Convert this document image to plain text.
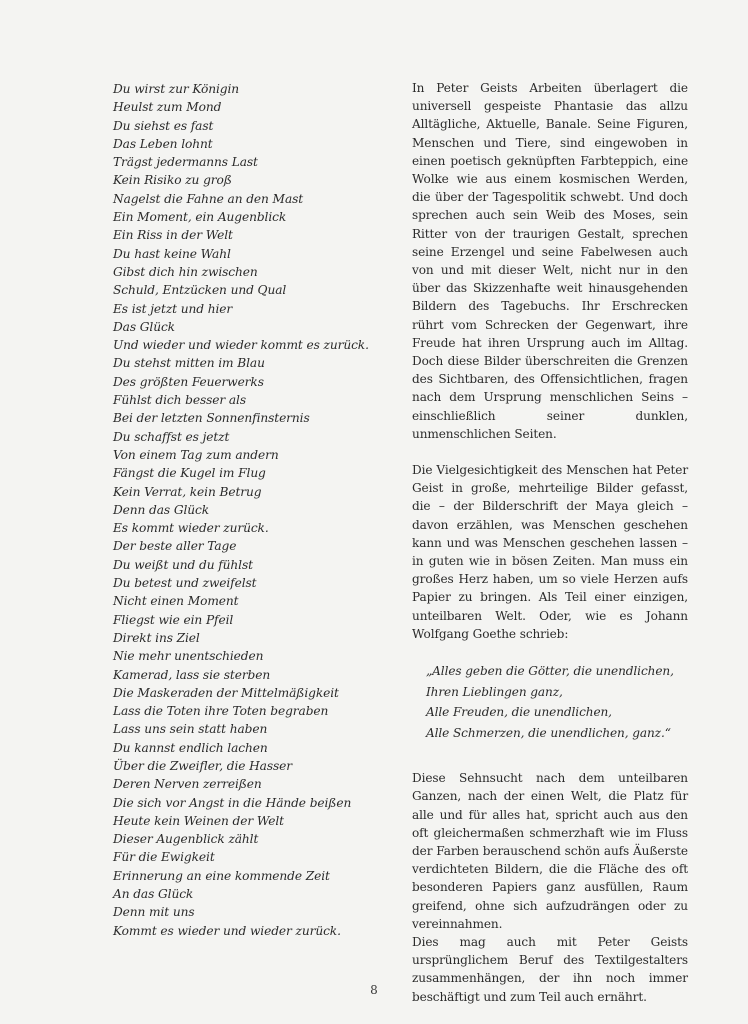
Du wirst zur Königin
Heulst zum Mond
Du siehst es fast
Das Leben lohnt
Trägst jedermanns Last
Kein Risiko zu groß
Nagelst die Fahne an den Mast
Ein Moment, ein Augenblick
Ein Riss in der Welt
Du hast keine Wahl
Gibst dich hin zwischen
Schuld, Entzücken und Qual
Es ist jetzt und hier
Das Glück
Und wieder und wieder kommt es zurück.
Du stehst mitten im Blau
Des größten Feuerwerks
Fühlst dich besser als
Bei der letzten Sonnenfinsternis
Du schaffst es jetzt
Von einem Tag zum andern
Fängst die Kugel im Flug
Kein Verrat, kein Betrug
Denn das Glück
Es kommt wieder zurück.
Der beste aller Tage
Du weißt und du fühlst
Du betest und zweifelst
Nicht einen Moment
Fliegst wie ein Pfeil
Direkt ins Ziel
Nie mehr unentschieden
Kamerad, lass sie sterben
Die Maskeraden der Mittelmäßigkeit
Lass die Toten ihre Toten begraben
Lass uns sein statt haben
Du kannst endlich lachen
Über die Zweifler, die Hasser
Deren Nerven zerreißen
Die sich vor Angst in die Hände beißen
Heute kein Weinen der Welt
Dieser Augenblick zählt
Für die Ewigkeit
Erinnerung an eine kommende Zeit
An das Glück
Denn mit uns
Kommt es wieder und wieder zurück.

In Peter Geists Arbeiten überlagert die universell gespeiste Phantasie das allzu Alltägliche, Aktuelle, Banale. Seine Figuren, Menschen und Tiere, sind eingewoben in einen poetisch geknüpften Farbteppich, eine Wolke wie aus einem kosmischen Werden, die über der Tagespolitik schwebt. Und doch sprechen auch sein Weib des Moses, sein Ritter von der traurigen Gestalt, sprechen seine Erzengel und seine Fabelwesen auch von und mit dieser Welt, nicht nur in den über das Skizzenhafte weit hinausgehenden Bildern des Tagebuchs. Ihr Erschrecken rührt vom Schrecken der Gegenwart, ihre Freude hat ihren Ursprung auch im Alltag. Doch diese Bilder überschreiten die Grenzen des Sichtbaren, des Offensichtlichen, fragen nach dem Ursprung menschlichen Seins – einschließlich seiner dunklen, unmenschlichen Seiten.

Die Vielgesichtigkeit des Menschen hat Peter Geist in große, mehrteilige Bilder gefasst, die – der Bilderschrift der Maya gleich – davon erzählen, was Menschen geschehen kann und was Menschen geschehen lassen – in guten wie in bösen Zeiten. Man muss ein großes Herz haben, um so viele Herzen aufs Papier zu bringen. Als Teil einer einzigen, unteilbaren Welt. Oder, wie es Johann Wolfgang Goethe schrieb:

„Alles geben die Götter, die unendlichen,
Ihren Lieblingen ganz,
Alle Freuden, die unendlichen,
Alle Schmerzen, die unendlichen, ganz.“

Diese Sehnsucht nach dem unteilbaren Ganzen, nach der einen Welt, die Platz für alle und für alles hat, spricht auch aus den oft gleichermaßen schmerzhaft wie im Fluss der Farben berauschend schön aufs Äußerste verdichteten Bildern, die die Fläche des oft besonderen Papiers ganz ausfüllen, Raum greifend, ohne sich aufzudrängen oder zu vereinnahmen.

Dies mag auch mit Peter Geists ursprünglichem Beruf des Textilgestalters zusammenhängen, der ihn noch immer beschäftigt und zum Teil auch ernährt.

8
